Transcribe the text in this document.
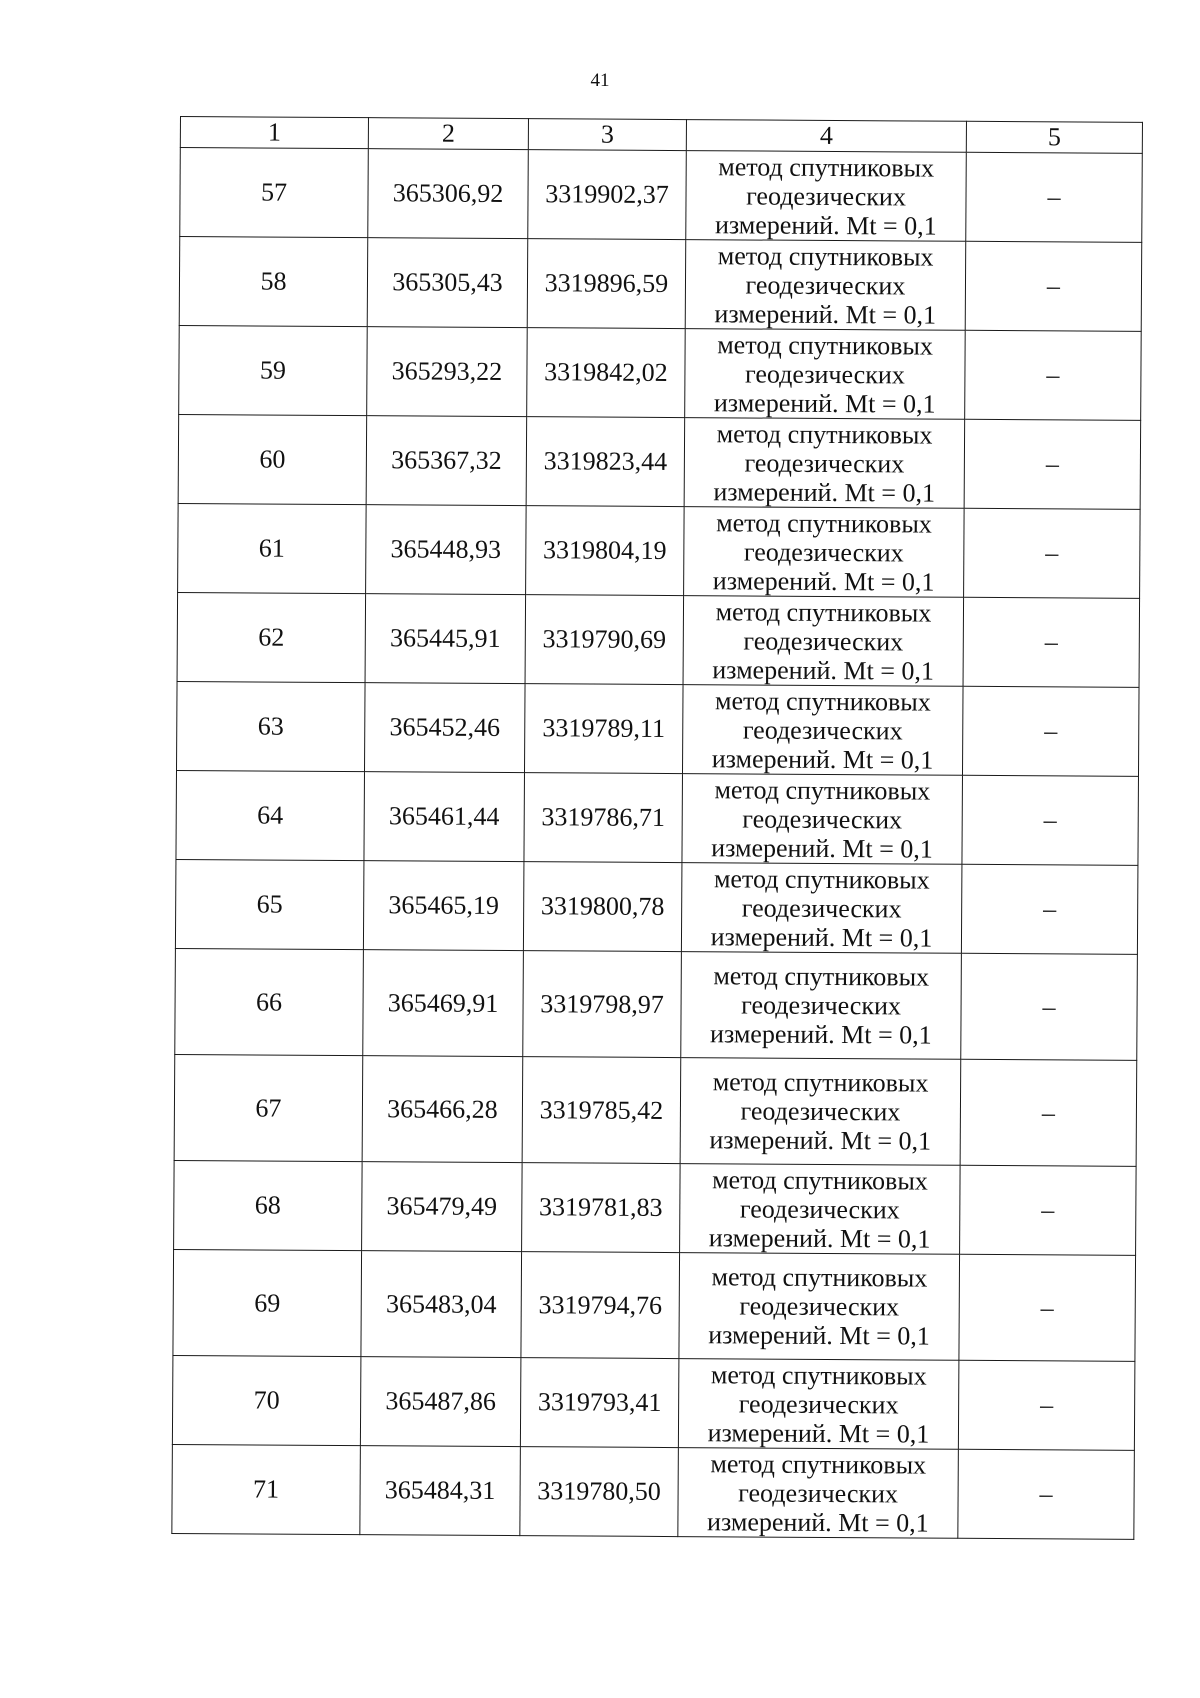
41
1	2	3	4	5
57	365306,92	3319902,37	метод спутниковых
геодезических
измерений. Mt = 0,1	–
58	365305,43	3319896,59	метод спутниковых
геодезических
измерений. Mt = 0,1	–
59	365293,22	3319842,02	метод спутниковых
геодезических
измерений. Mt = 0,1	–
60	365367,32	3319823,44	метод спутниковых
геодезических
измерений. Mt = 0,1	–
61	365448,93	3319804,19	метод спутниковых
геодезических
измерений. Mt = 0,1	–
62	365445,91	3319790,69	метод спутниковых
геодезических
измерений. Mt = 0,1	–
63	365452,46	3319789,11	метод спутниковых
геодезических
измерений. Mt = 0,1	–
64	365461,44	3319786,71	метод спутниковых
геодезических
измерений. Mt = 0,1	–
65	365465,19	3319800,78	метод спутниковых
геодезических
измерений. Mt = 0,1	–
66	365469,91	3319798,97	метод спутниковых
геодезических
измерений. Mt = 0,1	–
67	365466,28	3319785,42	метод спутниковых
геодезических
измерений. Mt = 0,1	–
68	365479,49	3319781,83	метод спутниковых
геодезических
измерений. Mt = 0,1	–
69	365483,04	3319794,76	метод спутниковых
геодезических
измерений. Mt = 0,1	–
70	365487,86	3319793,41	метод спутниковых
геодезических
измерений. Mt = 0,1	–
71	365484,31	3319780,50	метод спутниковых
геодезических
измерений. Mt = 0,1	–
